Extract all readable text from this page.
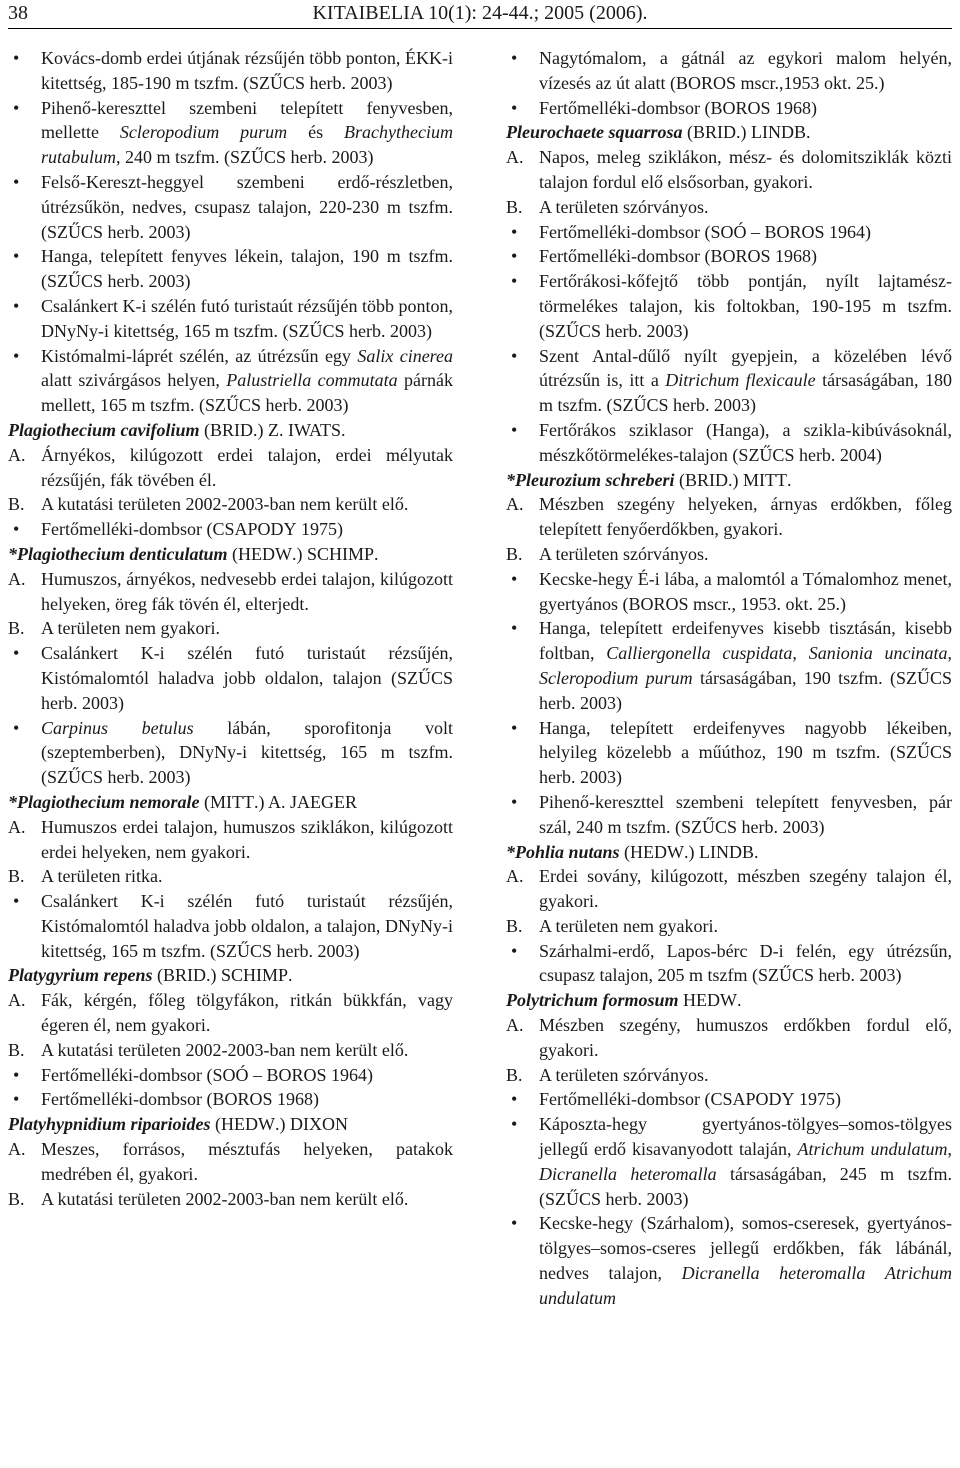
38	KITAIBELIA 10(1): 24-44.; 2005 (2006).
• Kovács-domb erdei útjának rézsűjén több ponton, ÉKK-i kitettség, 185-190 m tszfm. (SZŰCS herb. 2003)
• Pihenő-kereszttel szembeni telepített fenyvesben, mellette Scleropodium purum és Brachythecium rutabulum, 240 m tszfm. (SZŰCS herb. 2003)
• Felső-Kereszt-heggyel szembeni erdő-részletben, útrézsűkön, nedves, csupasz talajon, 220-230 m tszfm. (SZŰCS herb. 2003)
• Hanga, telepített fenyves lékein, talajon, 190 m tszfm. (SZŰCS herb. 2003)
• Csalánkert K-i szélén futó turistaút rézsűjén több ponton, DNyNy-i kitettség, 165 m tszfm. (SZŰCS herb. 2003)
• Kistómalmi-láprét szélén, az útrézsűn egy Salix cinerea alatt szivárgásos helyen, Palustriella commutata párnák mellett, 165 m tszfm. (SZŰCS herb. 2003)
Plagiothecium cavifolium (BRID.) Z. IWATS.
A. Árnyékos, kilúgozott erdei talajon, erdei mélyutak rézsűjén, fák tövében él.
B. A kutatási területen 2002-2003-ban nem került elő.
• Fertőmelléki-dombsor (CSAPODY 1975)
*Plagiothecium denticulatum (HEDW.) SCHIMP.
A. Humuszos, árnyékos, nedvesebb erdei talajon, kilúgozott helyeken, öreg fák tövén él, elterjedt.
B. A területen nem gyakori.
• Csalánkert K-i szélén futó turistaút rézsűjén, Kistómalomtól haladva jobb oldalon, talajon (SZŰCS herb. 2003)
• Carpinus betulus lábán, sporofitonja volt (szeptemberben), DNyNy-i kitettség, 165 m tszfm. (SZŰCS herb. 2003)
*Plagiothecium nemorale (MITT.) A. JAEGER
A. Humuszos erdei talajon, humuszos sziklákon, kilúgozott erdei helyeken, nem gyakori.
B. A területen ritka.
• Csalánkert K-i szélén futó turistaút rézsűjén, Kistómalomtól haladva jobb oldalon, a talajon, DNyNy-i kitettség, 165 m tszfm. (SZŰCS herb. 2003)
Platygyrium repens (BRID.) SCHIMP.
A. Fák, kérgén, főleg tölgyfákon, ritkán bükkfán, vagy égeren él, nem gyakori.
B. A kutatási területen 2002-2003-ban nem került elő.
• Fertőmelléki-dombsor (SOÓ – BOROS 1964)
• Fertőmelléki-dombsor (BOROS 1968)
Platyhypnidium riparioides (HEDW.) DIXON
A. Meszes, forrásos, mésztufás helyeken, patakok medrében él, gyakori.
B. A kutatási területen 2002-2003-ban nem került elő.
• Nagytómalom, a gátnál az egykori malom helyén, vízesés az út alatt (BOROS mscr.,1953 okt. 25.)
• Fertőmelléki-dombsor (BOROS 1968)
Pleurochaete squarrosa (BRID.) LINDB.
A. Napos, meleg sziklákon, mész- és dolomitsziklák közti talajon fordul elő elsősorban, gyakori.
B. A területen szórványos.
• Fertőmelléki-dombsor (SOÓ – BOROS 1964)
• Fertőmelléki-dombsor (BOROS 1968)
• Fertőrákosi-kőfejtő több pontján, nyílt lajtamész-törmelékes talajon, kis foltokban, 190-195 m tszfm. (SZŰCS herb. 2003)
• Szent Antal-dűlő nyílt gyepjein, a közelében lévő útrézsűn is, itt a Ditrichum flexicaule társaságában, 180 m tszfm. (SZŰCS herb. 2003)
• Fertőrákos sziklasor (Hanga), a szikla-kibúvásoknál, mészkőtörmelékes-talajon (SZŰCS herb. 2004)
*Pleurozium schreberi (BRID.) MITT.
A. Mészben szegény helyeken, árnyas erdőkben, főleg telepített fenyőerdőkben, gyakori.
B. A területen szórványos.
• Kecske-hegy É-i lába, a malomtól a Tómalomhoz menet, gyertyános (BOROS mscr., 1953. okt. 25.)
• Hanga, telepített erdeifenyves kisebb tisztásán, kisebb foltban, Calliergonella cuspidata, Sanionia uncinata, Scleropodium purum társaságában, 190 tszfm. (SZŰCS herb. 2003)
• Hanga, telepített erdeifenyves nagyobb lékeiben, helyileg közelebb a műúthoz, 190 m tszfm. (SZŰCS herb. 2003)
• Pihenő-kereszttel szembeni telepített fenyvesben, pár szál, 240 m tszfm. (SZŰCS herb. 2003)
*Pohlia nutans (HEDW.) LINDB.
A. Erdei sovány, kilúgozott, mészben szegény talajon él, gyakori.
B. A területen nem gyakori.
• Szárhalmi-erdő, Lapos-bérc D-i felén, egy útrézsűn, csupasz talajon, 205 m tszfm (SZŰCS herb. 2003)
Polytrichum formosum HEDW.
A. Mészben szegény, humuszos erdőkben fordul elő, gyakori.
B. A területen szórványos.
• Fertőmelléki-dombsor (CSAPODY 1975)
• Káposzta-hegy gyertyános-tölgyes–somos-tölgyes jellegű erdő kisavanyodott talaján, Atrichum undulatum, Dicranella heteromalla társaságában, 245 m tszfm. (SZŰCS herb. 2003)
• Kecske-hegy (Szárhalom), somos-cseresek, gyertyános-tölgyes–somos-cseres jellegű erdőkben, fák lábánál, nedves talajon, Dicranella heteromalla Atrichum undulatum
